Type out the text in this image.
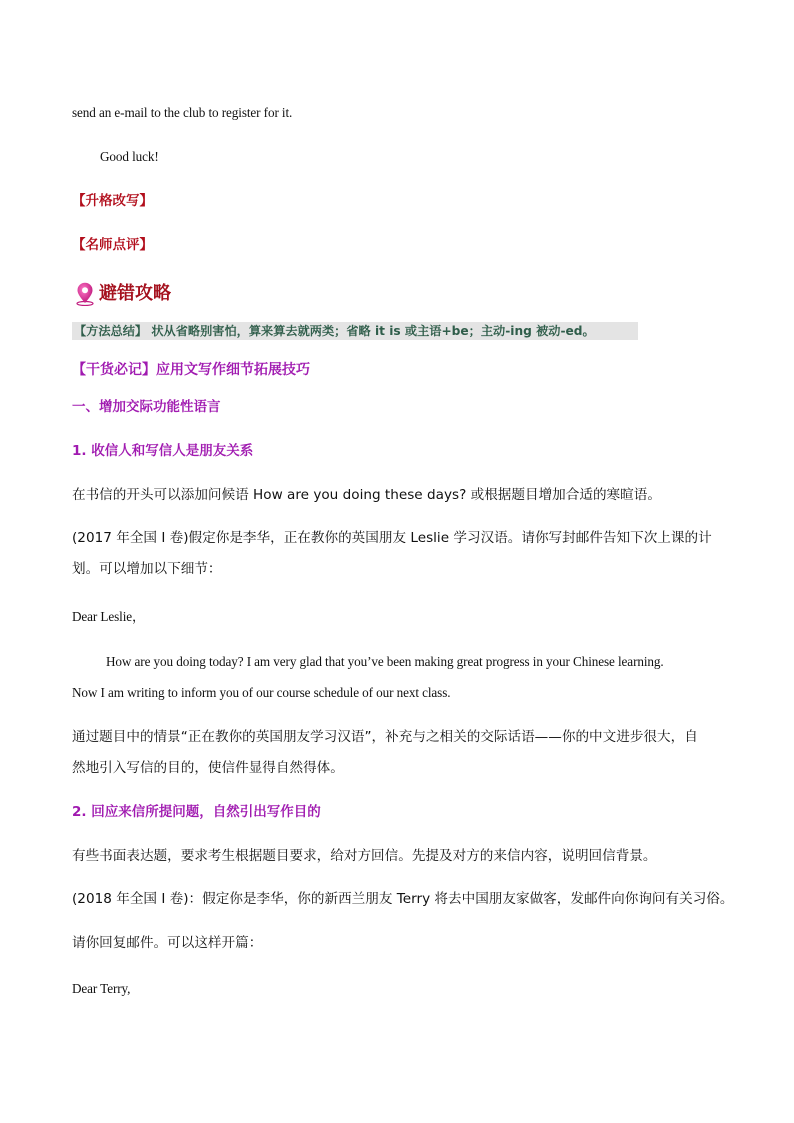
send an e-mail to the club to register for it.
Good luck!
【升格改写】
【名师点评】
避错攻略
【方法总结】 状从省略别害怕，算来算去就两类；省略 it is 或主语+be；主动-ing 被动-ed。
【干货必记】应用文写作细节拓展技巧
一、增加交际功能性语言
1. 收信人和写信人是朋友关系
在书信的开头可以添加问候语 How are you doing these days? 或根据题目增加合适的寒暄语。
(2017 年全国 I 卷)假定你是李华，正在教你的英国朋友 Leslie 学习汉语。请你写封邮件告知下次上课的计
划。可以增加以下细节：
Dear Leslie，
How are you doing today? I am very glad that you’ve been making great progress in your Chinese learning.
Now I am writing to inform you of our course schedule of our next class.
通过题目中的情景“正在教你的英国朋友学习汉语”，补充与之相关的交际话语——你的中文进步很大，自
然地引入写信的目的，使信件显得自然得体。
2. 回应来信所提问题，自然引出写作目的
有些书面表达题，要求考生根据题目要求，给对方回信。先提及对方的来信内容，说明回信背景。
(2018 年全国 I 卷)：假定你是李华，你的新西兰朋友 Terry 将去中国朋友家做客，发邮件向你询问有关习俗。
请你回复邮件。可以这样开篇：
Dear Terry,
